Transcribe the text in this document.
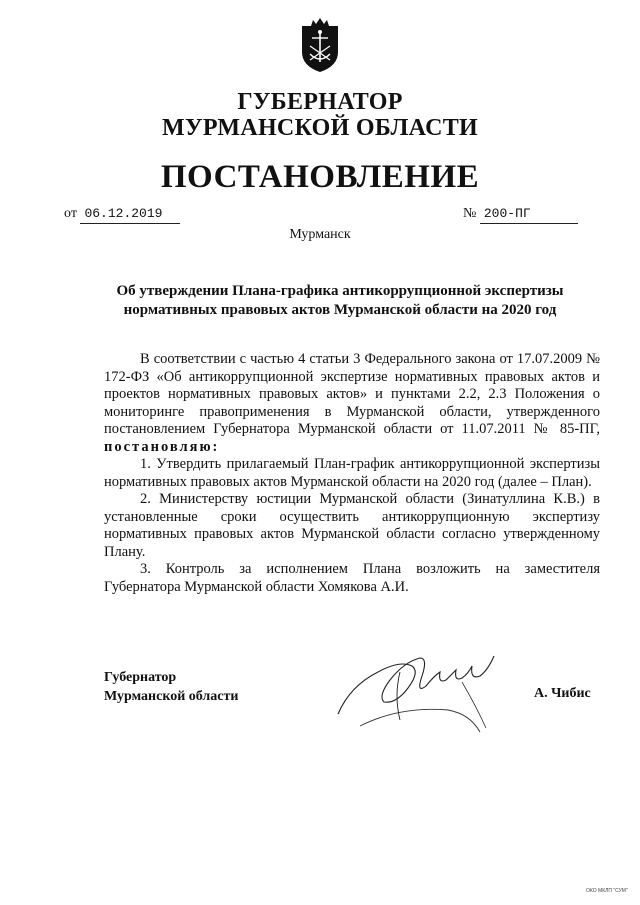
ГУБЕРНАТОР
МУРМАНСКОЙ ОБЛАСТИ
ПОСТАНОВЛЕНИЕ
от 06.12.2019	№ 200-ПГ
Мурманск
Об утверждении Плана-графика антикоррупционной экспертизы
нормативных правовых актов Мурманской области на 2020 год

В соответствии с частью 4 статьи 3 Федерального закона от 17.07.2009 № 172-ФЗ «Об антикоррупционной экспертизе нормативных правовых актов и проектов нормативных правовых актов» и пунктами 2.2, 2.3 Положения о мониторинге правоприменения в Мурманской области, утвержденного постановлением Губернатора Мурманской области от 11.07.2011 № 85-ПГ, постановляю:

1. Утвердить прилагаемый План-график антикоррупционной экспертизы нормативных правовых актов Мурманской области на 2020 год (далее – План).

2. Министерству юстиции Мурманской области (Зинатуллина К.В.) в установленные сроки осуществить антикоррупционную экспертизу нормативных правовых актов Мурманской области согласно утвержденному Плану.

3. Контроль за исполнением Плана возложить на заместителя Губернатора Мурманской области Хомякова А.И.

Губернатор
Мурманской области	А. Чибис
ОКО МКЛП "СУМ"
